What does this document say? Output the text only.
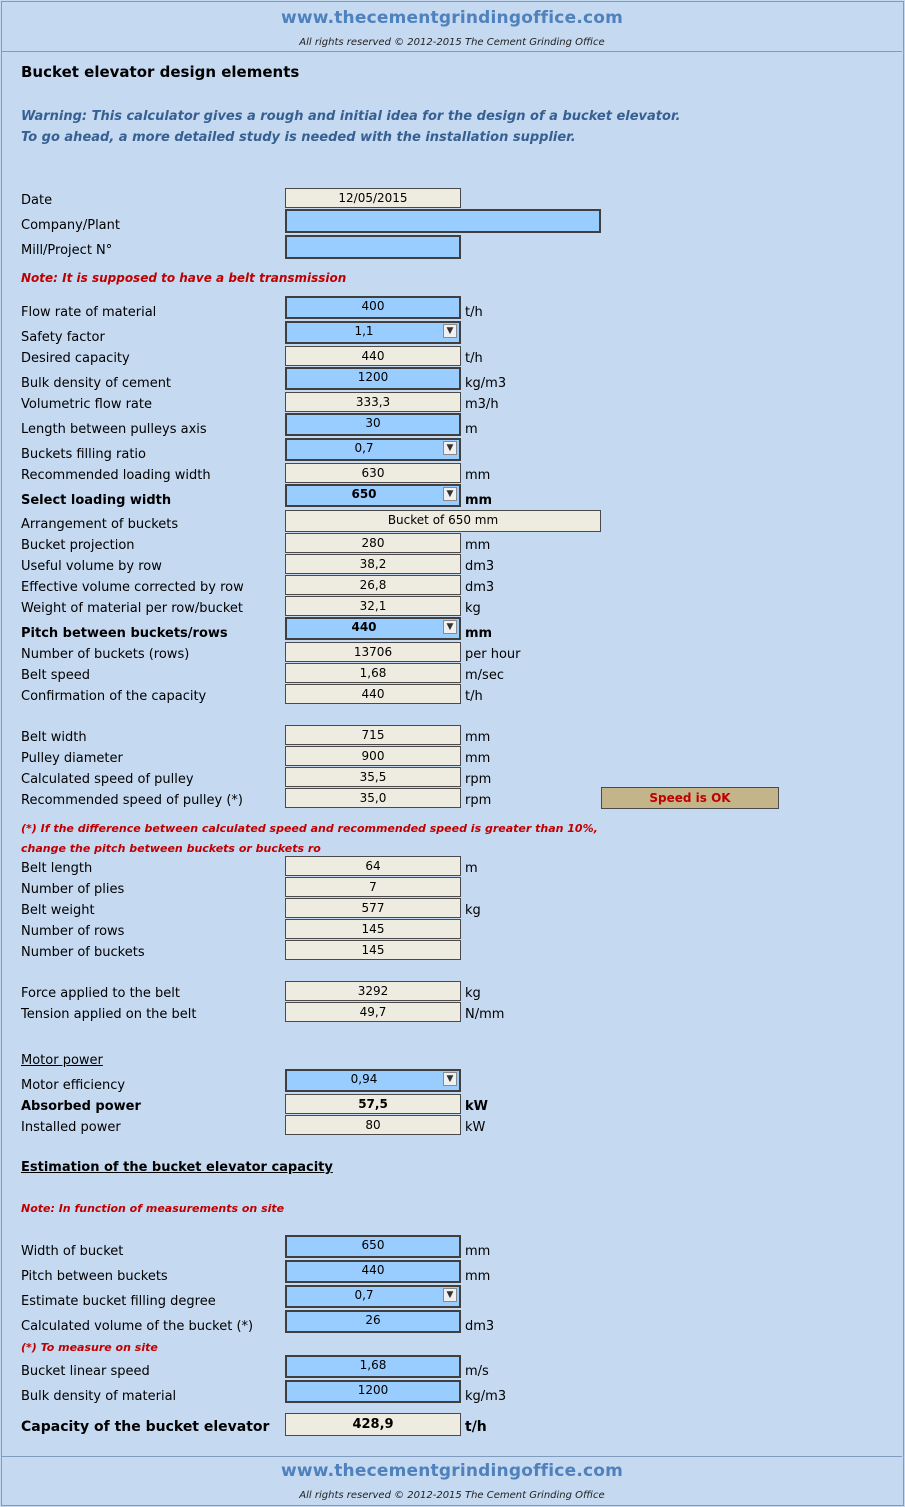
www.thecementgrindingoffice.com
All rights reserved © 2012-2015 The Cement Grinding Office
Bucket elevator design elements
Warning: This calculator gives a rough and initial idea for the design of a bucket elevator.
To go ahead, a more detailed study is needed with the installation supplier.
Date	12/05/2015
Company/Plant
Mill/Project N°
Note: It is supposed to have a belt transmission
Flow rate of material	400	t/h
Safety factor	1,1	▼
Desired capacity	440	t/h
Bulk density of cement	1200	kg/m3
Volumetric flow rate	333,3	m3/h
Length between pulleys axis	30	m
Buckets filling ratio	0,7	▼
Recommended loading width	630	mm
Select loading width	650	▼ mm
Arrangement of buckets	Bucket of 650 mm
Bucket projection	280	mm
Useful volume by row	38,2	dm3
Effective volume corrected by row	26,8	dm3
Weight of material per row/bucket	32,1	kg
Pitch between buckets/rows	440	▼ mm
Number of buckets (rows)	13706	per hour
Belt speed	1,68	m/sec
Confirmation of the capacity	440	t/h
Belt width	715	mm
Pulley diameter	900	mm
Calculated speed of pulley	35,5	rpm
Recommended speed of pulley (*)	35,0	rpm	Speed is OK
(*) If the difference between calculated speed and recommended speed is greater than 10%,
change the pitch between buckets or buckets ro
Belt length	64	m
Number of plies	7
Belt weight	577	kg
Number of rows	145
Number of buckets	145
Force applied to the belt	3292	kg
Tension applied on the belt	49,7	N/mm
Motor power
Motor efficiency	0,94	▼
Absorbed power	57,5	kW
Installed power	80	kW
Estimation of the bucket elevator capacity
Note: In function of measurements on site
Width of bucket	650	mm
Pitch between buckets	440	mm
Estimate bucket filling degree	0,7	▼
Calculated volume of the bucket (*)	26	dm3
(*) To measure on site
Bucket linear speed	1,68	m/s
Bulk density of material	1200	kg/m3
Capacity of the bucket elevator	428,9	t/h
www.thecementgrindingoffice.com
All rights reserved © 2012-2015 The Cement Grinding Office
